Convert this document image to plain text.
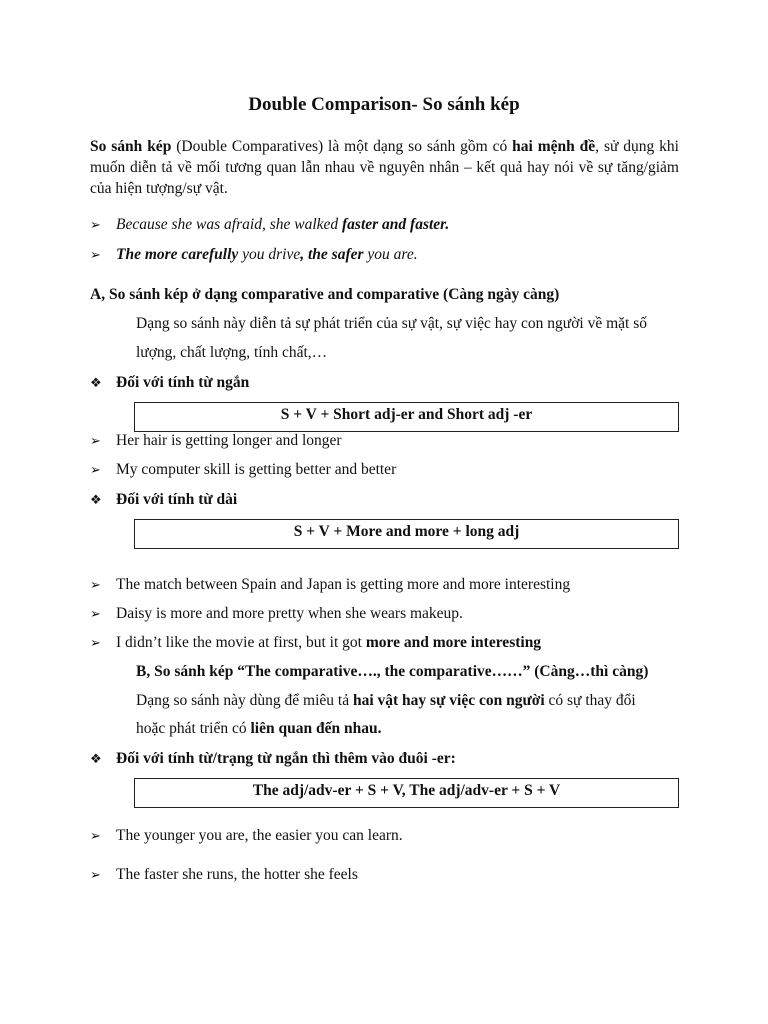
Double Comparison- So sánh kép
So sánh kép (Double Comparatives) là một dạng so sánh gồm có hai mệnh đề, sử dụng khi muốn diễn tả về mối tương quan lẫn nhau về nguyên nhân – kết quả hay nói về sự tăng/giảm của hiện tượng/sự vật.
➢ Because she was afraid, she walked faster and faster.
➢ The more carefully you drive, the safer you are.
A, So sánh kép ở dạng comparative and comparative (Càng ngày càng)
Dạng so sánh này diễn tả sự phát triển của sự vật, sự việc hay con người về mặt số
lượng, chất lượng, tính chất,…
❖ Đối với tính từ ngắn
S + V + Short adj-er and Short adj -er
➢ Her hair is getting longer and longer
➢ My computer skill is getting better and better
❖ Đối với tính từ dài
S + V + More and more + long adj
➢ The match between Spain and Japan is getting more and more interesting
➢ Daisy is more and more pretty when she wears makeup.
➢ I didn’t like the movie at first, but it got more and more interesting
B, So sánh kép “The comparative…., the comparative……” (Càng…thì càng)
Dạng so sánh này dùng để miêu tả hai vật hay sự việc con người có sự thay đổi
hoặc phát triển có liên quan đến nhau.
❖ Đối với tính từ/trạng từ ngắn thì thêm vào đuôi -er:
The adj/adv-er + S + V, The adj/adv-er + S + V
➢ The younger you are, the easier you can learn.
➢ The faster she runs, the hotter she feels
